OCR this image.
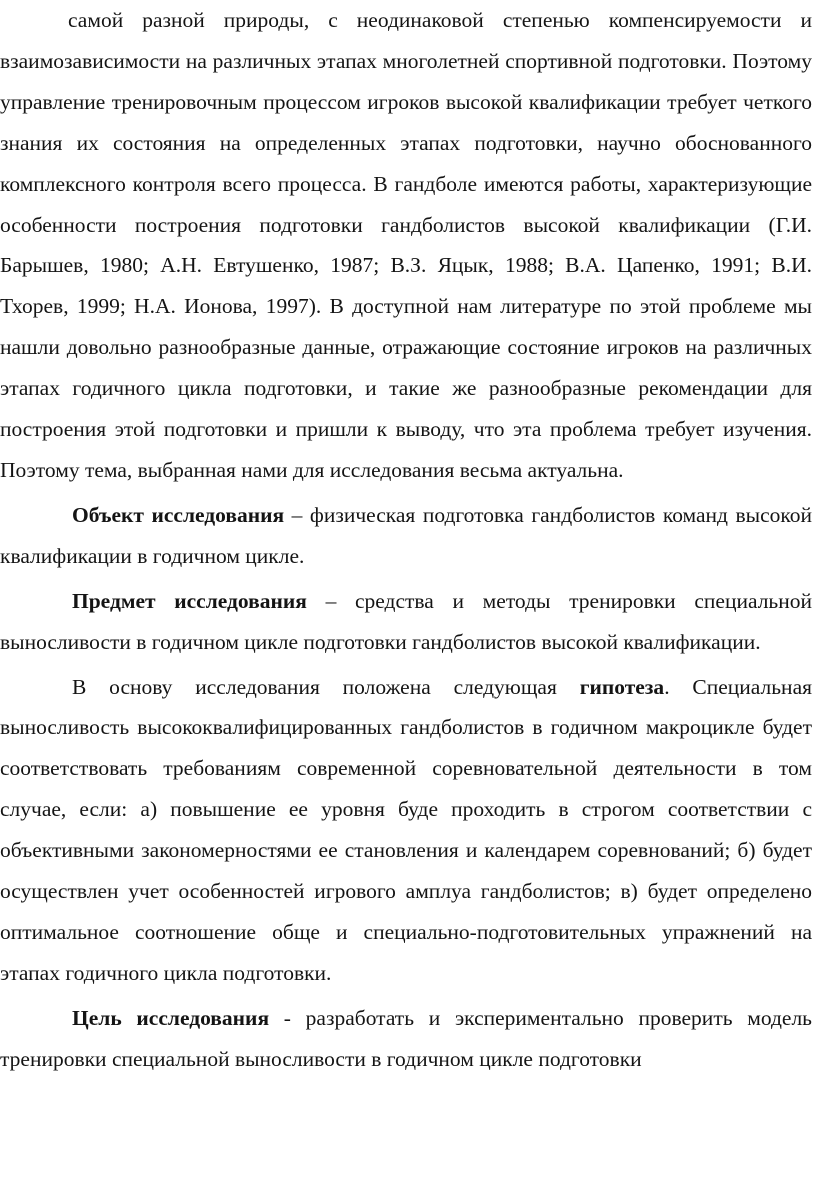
самой разной природы, с неодинаковой степенью компенсируемости и взаимозависимости на различных этапах многолетней спортивной подготовки. Поэтому управление тренировочным процессом игроков высокой квалификации требует четкого знания их состояния на определенных этапах подготовки, научно обоснованного комплексного контроля всего процесса. В гандболе имеются работы, характеризующие особенности построения подготовки гандболистов высокой квалификации (Г.И. Барышев, 1980; А.Н. Евтушенко, 1987; В.З. Яцык, 1988; В.А. Цапенко, 1991; В.И. Тхорев, 1999; Н.А. Ионова, 1997). В доступной нам литературе по этой проблеме мы нашли довольно разнообразные данные, отражающие состояние игроков на различных этапах годичного цикла подготовки, и такие же разнообразные рекомендации для построения этой подготовки и пришли к выводу, что эта проблема требует изучения. Поэтому тема, выбранная нами для исследования весьма актуальна.

Объект исследования – физическая подготовка гандболистов команд высокой квалификации в годичном цикле.

Предмет исследования – средства и методы тренировки специальной выносливости в годичном цикле подготовки гандболистов высокой квалификации.

В основу исследования положена следующая гипотеза. Специальная выносливость высококвалифицированных гандболистов в годичном макроцикле будет соответствовать требованиям современной соревновательной деятельности в том случае, если: а) повышение ее уровня буде проходить в строгом соответствии с объективными закономерностями ее становления и календарем соревнований; б) будет осуществлен учет особенностей игрового амплуа гандболистов; в) будет определено оптимальное соотношение обще и специально-подготовительных упражнений на этапах годичного цикла подготовки.

Цель исследования - разработать и экспериментально проверить модель тренировки специальной выносливости в годичном цикле подготовки
